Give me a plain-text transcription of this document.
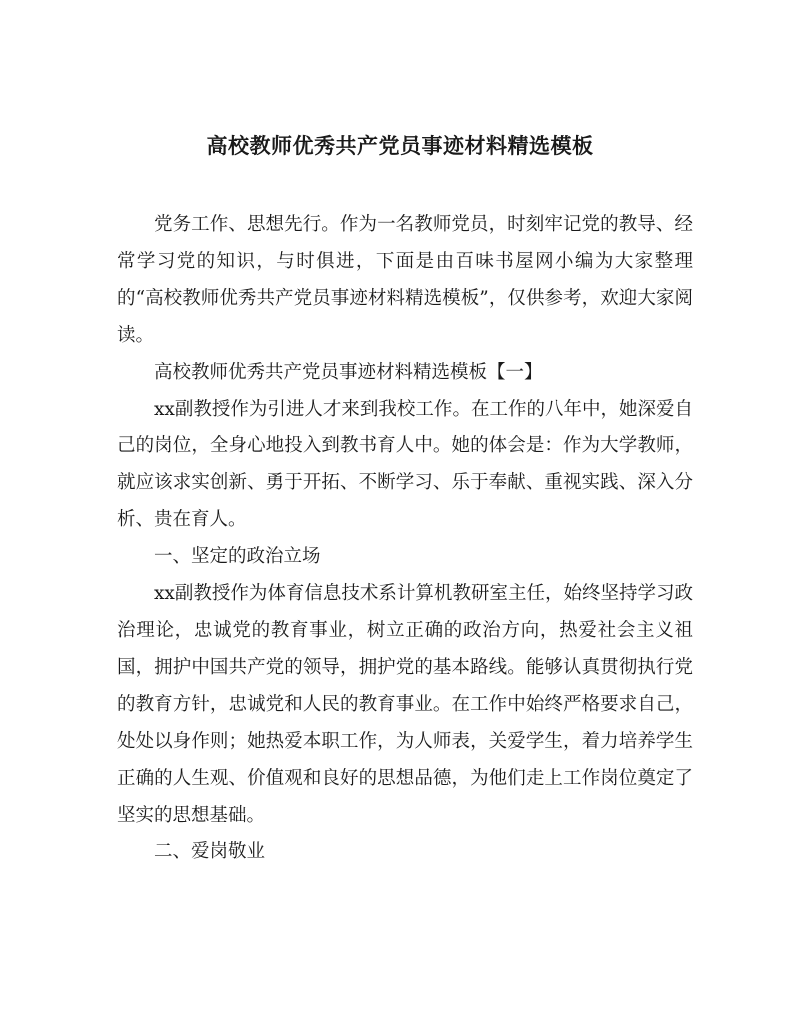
高校教师优秀共产党员事迹材料精选模板

党务工作、思想先行。作为一名教师党员，时刻牢记党的教导、经常学习党的知识，与时俱进，下面是由百味书屋网小编为大家整理的“高校教师优秀共产党员事迹材料精选模板”，仅供参考，欢迎大家阅读。

高校教师优秀共产党员事迹材料精选模板【一】

xx副教授作为引进人才来到我校工作。在工作的八年中，她深爱自己的岗位，全身心地投入到教书育人中。她的体会是：作为大学教师，就应该求实创新、勇于开拓、不断学习、乐于奉献、重视实践、深入分析、贵在育人。

一、坚定的政治立场

xx副教授作为体育信息技术系计算机教研室主任，始终坚持学习政治理论，忠诚党的教育事业，树立正确的政治方向，热爱社会主义祖国，拥护中国共产党的领导，拥护党的基本路线。能够认真贯彻执行党的教育方针，忠诚党和人民的教育事业。在工作中始终严格要求自己，处处以身作则；她热爱本职工作，为人师表，关爱学生，着力培养学生正确的人生观、价值观和良好的思想品德，为他们走上工作岗位奠定了坚实的思想基础。

二、爱岗敬业
